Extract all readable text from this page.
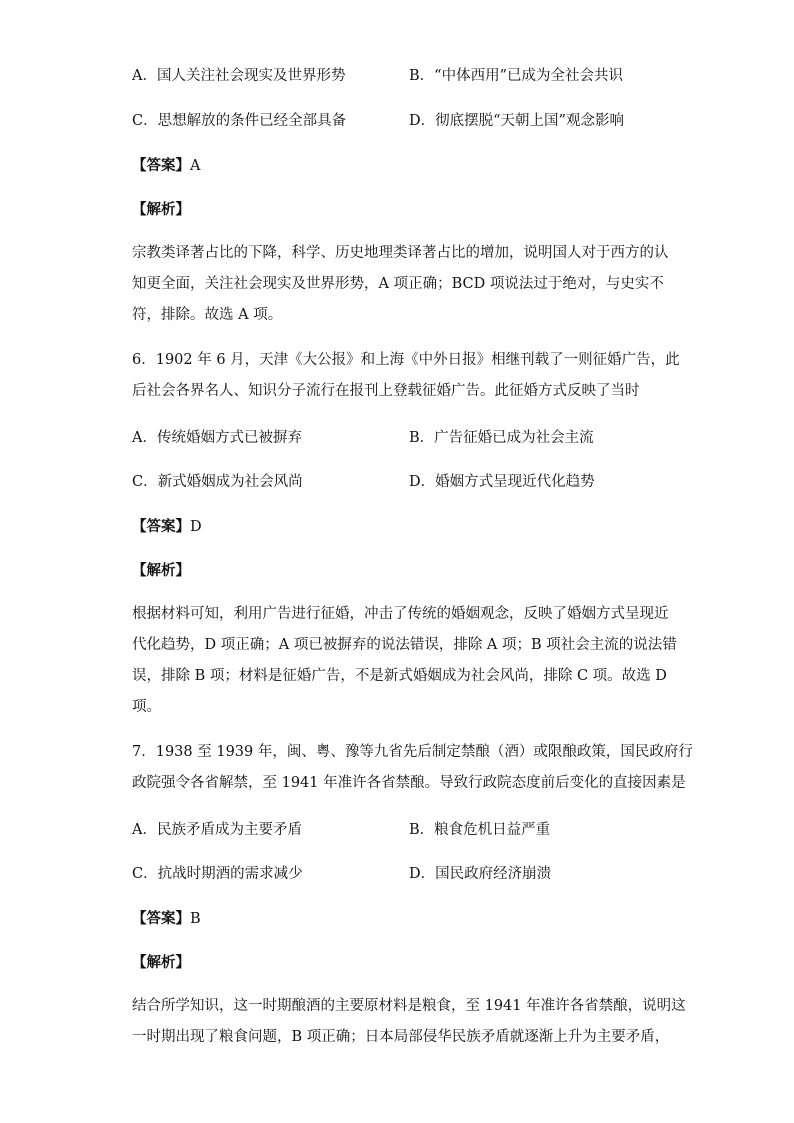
A．国人关注社会现实及世界形势	B．“中体西用”已成为全社会共识
C．思想解放的条件已经全部具备	D．彻底摆脱“天朝上国”观念影响
【答案】A
【解析】
宗教类译著占比的下降，科学、历史地理类译著占比的增加，说明国人对于西方的认
知更全面，关注社会现实及世界形势，A 项正确；BCD 项说法过于绝对，与史实不
符，排除。故选 A 项。
6．1902 年 6 月，天津《大公报》和上海《中外日报》相继刊载了一则征婚广告，此
后社会各界名人、知识分子流行在报刊上登载征婚广告。此征婚方式反映了当时
A．传统婚姻方式已被摒弃	B．广告征婚已成为社会主流
C．新式婚姻成为社会风尚	D．婚姻方式呈现近代化趋势
【答案】D
【解析】
根据材料可知，利用广告进行征婚，冲击了传统的婚姻观念，反映了婚姻方式呈现近
代化趋势，D 项正确；A 项已被摒弃的说法错误，排除 A 项；B 项社会主流的说法错
误，排除 B 项；材料是征婚广告，不是新式婚姻成为社会风尚，排除 C 项。故选 D
项。
7．1938 至 1939 年，闽、粤、豫等九省先后制定禁酿（酒）或限酿政策，国民政府行
政院强令各省解禁，至 1941 年准许各省禁酿。导致行政院态度前后变化的直接因素是
A．民族矛盾成为主要矛盾	B．粮食危机日益严重
C．抗战时期酒的需求减少	D．国民政府经济崩溃
【答案】B
【解析】
结合所学知识，这一时期酿酒的主要原材料是粮食，至 1941 年准许各省禁酿，说明这
一时期出现了粮食问题，B 项正确；日本局部侵华民族矛盾就逐渐上升为主要矛盾，
